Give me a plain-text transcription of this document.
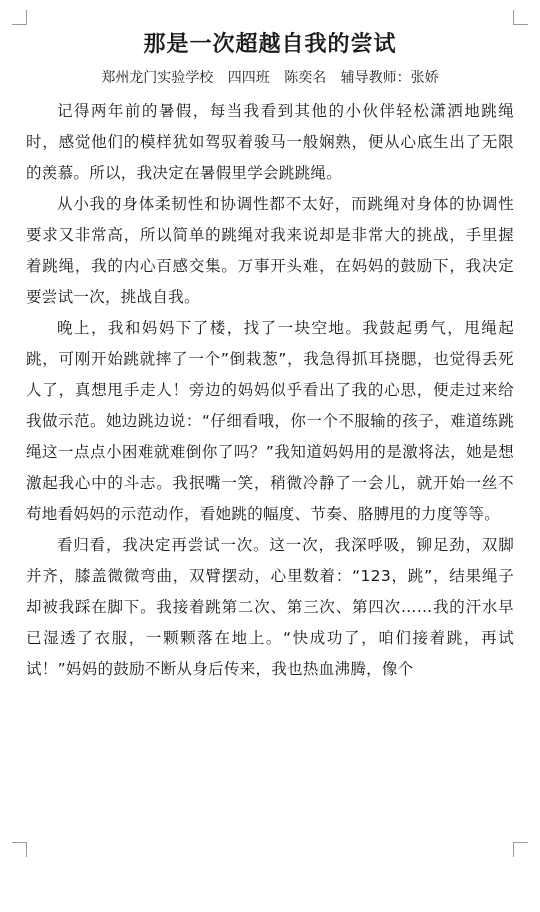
那是一次超越自我的尝试
郑州龙门实验学校 四四班 陈奕名 辅导教师：张娇

记得两年前的暑假，每当我看到其他的小伙伴轻松潇洒地跳绳时，感觉他们的模样犹如驾驭着骏马一般娴熟，便从心底生出了无限的羡慕。所以，我决定在暑假里学会跳跳绳。

从小我的身体柔韧性和协调性都不太好，而跳绳对身体的协调性要求又非常高，所以简单的跳绳对我来说却是非常大的挑战，手里握着跳绳，我的内心百感交集。万事开头难，在妈妈的鼓励下，我决定要尝试一次，挑战自我。

晚上，我和妈妈下了楼，找了一块空地。我鼓起勇气，甩绳起跳，可刚开始跳就摔了一个”倒栽葱”，我急得抓耳挠腮，也觉得丢死人了，真想甩手走人！旁边的妈妈似乎看出了我的心思，便走过来给我做示范。她边跳边说：“仔细看哦，你一个不服输的孩子，难道练跳绳这一点点小困难就难倒你了吗？”我知道妈妈用的是激将法，她是想激起我心中的斗志。我抿嘴一笑，稍微冷静了一会儿，就开始一丝不苟地看妈妈的示范动作，看她跳的幅度、节奏、胳膊甩的力度等等。

看归看，我决定再尝试一次。这一次，我深呼吸，铆足劲，双脚并齐，膝盖微微弯曲，双臂摆动，心里数着：“123，跳”，结果绳子却被我踩在脚下。我接着跳第二次、第三次、第四次……我的汗水早已湿透了衣服，一颗颗落在地上。“快成功了，咱们接着跳，再试试！”妈妈的鼓励不断从身后传来，我也热血沸腾，像个
